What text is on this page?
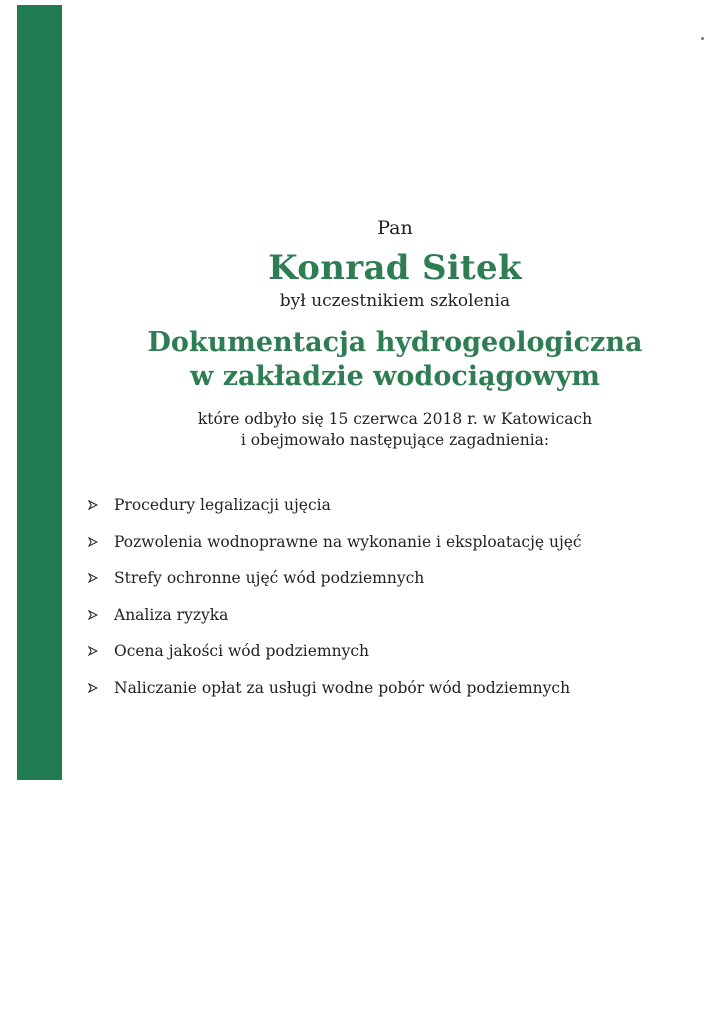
Pan
Konrad Sitek
był uczestnikiem szkolenia
Dokumentacja hydrogeologiczna
w zakładzie wodociągowym
które odbyło się 15 czerwca 2018 r. w Katowicach
i obejmowało następujące zagadnienia:
Procedury legalizacji ujęcia
Pozwolenia wodnoprawne na wykonanie i eksploatację ujęć
Strefy ochronne ujęć wód podziemnych
Analiza ryzyka
Ocena jakości wód podziemnych
Naliczanie opłat za usługi wodne pobór wód podziemnych
